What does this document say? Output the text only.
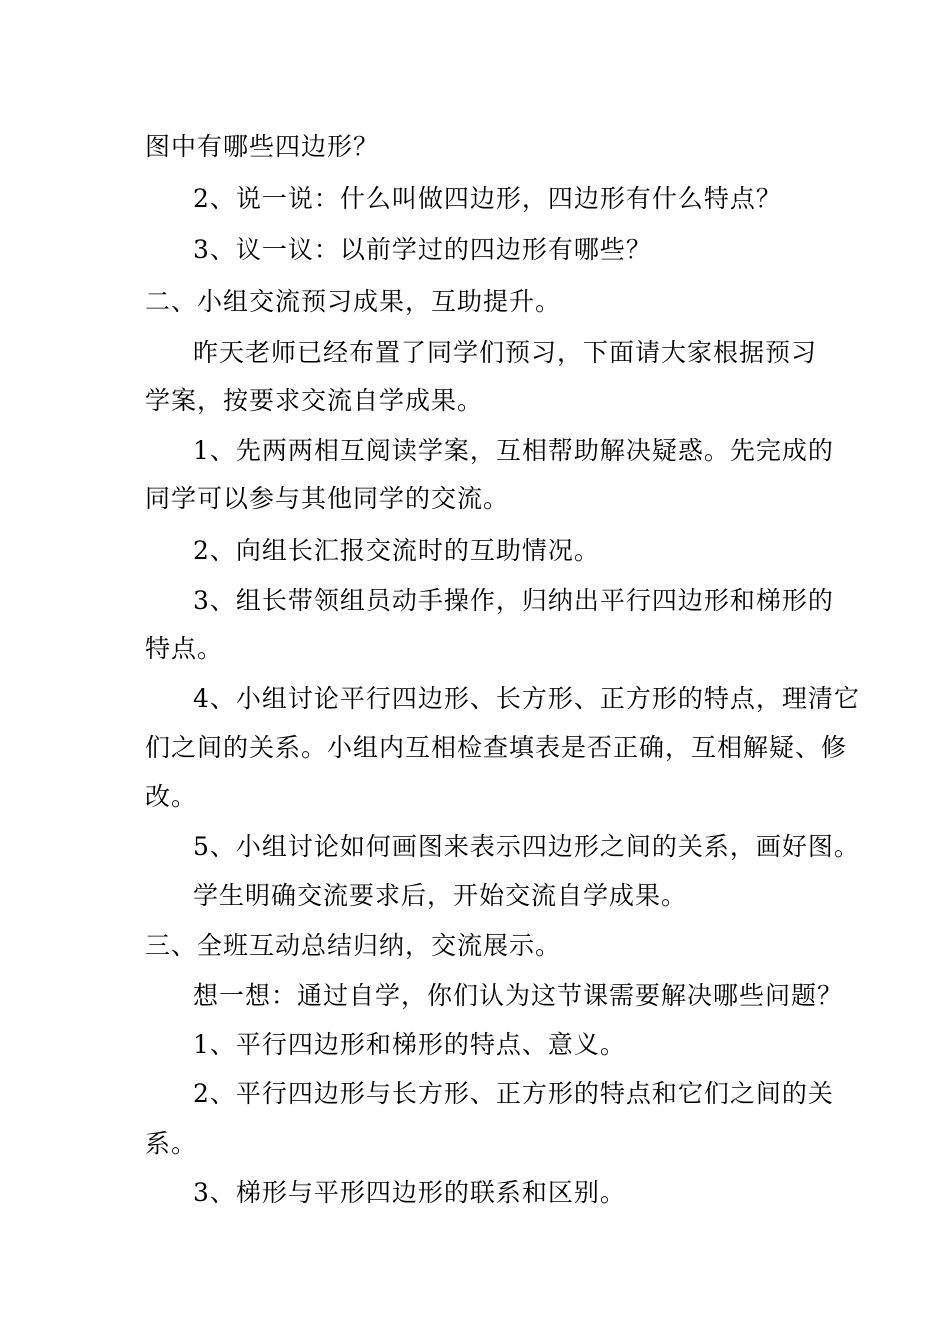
图中有哪些四边形？
2、说一说：什么叫做四边形，四边形有什么特点？
3、议一议：以前学过的四边形有哪些？
二、小组交流预习成果，互助提升。
昨天老师已经布置了同学们预习，下面请大家根据预习
学案，按要求交流自学成果。
1、先两两相互阅读学案，互相帮助解决疑惑。先完成的
同学可以参与其他同学的交流。
2、向组长汇报交流时的互助情况。
3、组长带领组员动手操作，归纳出平行四边形和梯形的
特点。
4、小组讨论平行四边形、长方形、正方形的特点，理清它
们之间的关系。小组内互相检查填表是否正确，互相解疑、修
改。
5、小组讨论如何画图来表示四边形之间的关系，画好图。
学生明确交流要求后，开始交流自学成果。
三、全班互动总结归纳，交流展示。
想一想：通过自学，你们认为这节课需要解决哪些问题？
1、平行四边形和梯形的特点、意义。
2、平行四边形与长方形、正方形的特点和它们之间的关
系。
3、梯形与平形四边形的联系和区别。
